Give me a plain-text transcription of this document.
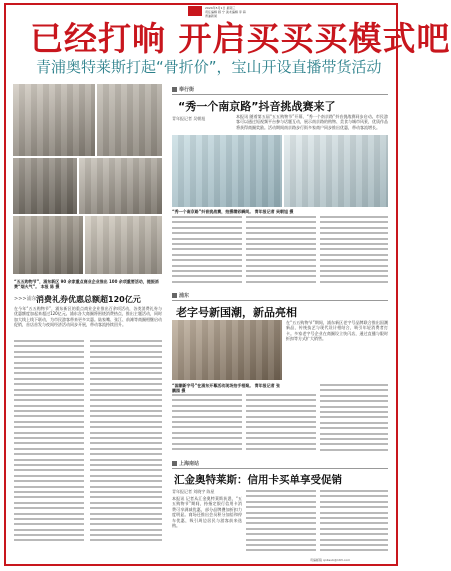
2024年5月1日 星期三
责任编辑 顾 宁 美术编辑 李 海
青浦新闻
已经打响 开启买买买模式吧
青浦奥特莱斯打起“骨折价”，宝山开设直播带货活动
“五五购物节”，浦东新区 90 余家重点商业企业推出 100 余项重要活动，提振消费“烟火气”。 本报 陈 摄
>>>浦东 消费礼券优惠总额超120亿元
在今年“五五购物节”，浦东新区的重点商业企业推出百余项活动，各类消费礼券与优惠额度加起来超过120亿元。浦东各大商圈将围绕消费热点，推出主题活动，同时加大线上线下联动，为市民游客带来更多实惠。陆家嘴、张江、前滩等商圈相继启动促销，首店首发与夜间经济活动同步开展，带动客流持续回升。
奉行街
“秀一个南京路”抖音挑战赛来了
青年报记者 吴朝旭	本报讯 随着第五届“五五购物节”开幕，“秀一个南京路”抖音挑战赛同步启动。市民游客可以通过短视频平台参与话题互动，展示南京路的购物、美食与城市风景，优质作品将获得商圈奖励。活动期间南京路步行街多家商户同步推出优惠，带动客流增长。
“秀一个南京路”抖音挑战赛，拍摄精彩瞬间。 青年报记者 吴朝旭 摄
浦东
老字号新国潮，新品亮相
“国潮新字号”在浦东开幕活动现场拍手相聚。 青年报记者 张鹏园 摄
在“五五购物节”期间，浦东新区老字号品牌联合推出国潮新品，传统技艺与现代设计相结合，吸引年轻消费者打卡。多家老字号企业在商圈设立快闪店，通过直播与限时折扣等方式扩大销售。
上海南站
汇金奥特莱斯：信用卡买单享受促销
青年报记者 刘晓宇 陈星
本报讯 记者从汇金奥特莱斯获悉，“五五购物节”期间，持指定银行信用卡消费可享满减优惠，部分品牌叠加折扣力度明显。商场还推出会员积分加倍和停车优惠，吸引周边居民与游客前来选购。
责编邮箱 qnbsub@163.com
